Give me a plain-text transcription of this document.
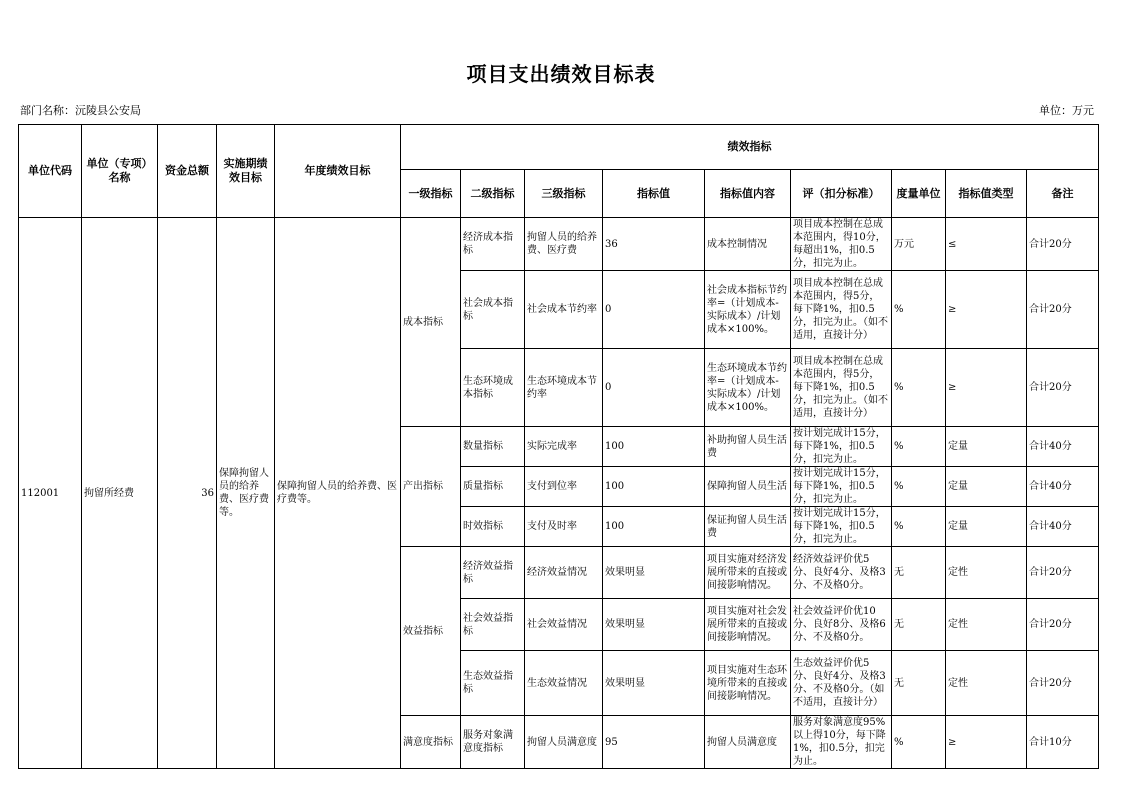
项目支出绩效目标表
部门名称：沅陵县公安局	单位：万元
单位代码	单位（专项）名称	资金总额	实施期绩效目标	年度绩效目标	绩效指标								
					一级指标	二级指标	三级指标	指标值	指标值内容	评（扣分标准）	度量单位	指标值类型	备注
112001	拘留所经费	36	保障拘留人员的给养费、医疗费等。	保障拘留人员的给养费、医疗费等。	成本指标	经济成本指标	拘留人员的给养费、医疗费	36	成本控制情况	项目成本控制在总成本范围内，得10分，每超出1%，扣0.5分，扣完为止。	万元	≤	合计20分
						社会成本指标	社会成本节约率	0	社会成本指标节约率=（计划成本-实际成本）/计划成本×100%。	项目成本控制在总成本范围内，得5分，每下降1%，扣0.5分，扣完为止。（如不适用，直接计分）	%	≥	合计20分
						生态环境成本指标	生态环境成本节约率	0	生态环境成本节约率=（计划成本-实际成本）/计划成本×100%。	项目成本控制在总成本范围内，得5分，每下降1%，扣0.5分，扣完为止。（如不适用，直接计分）	%	≥	合计20分
					产出指标	数量指标	实际完成率	100	补助拘留人员生活费	按计划完成计15分，每下降1%，扣0.5分，扣完为止。	%	定量	合计40分
						质量指标	支付到位率	100	保障拘留人员生活	按计划完成计15分，每下降1%，扣0.5分，扣完为止。	%	定量	合计40分
						时效指标	支付及时率	100	保证拘留人员生活费	按计划完成计15分，每下降1%，扣0.5分，扣完为止。	%	定量	合计40分
					效益指标	经济效益指标	经济效益情况	效果明显	项目实施对经济发展所带来的直接或间接影响情况。	经济效益评价优5分、良好4分、及格3分、不及格0分。	无	定性	合计20分
						社会效益指标	社会效益情况	效果明显	项目实施对社会发展所带来的直接或间接影响情况。	社会效益评价优10分、良好8分、及格6分、不及格0分。	无	定性	合计20分
						生态效益指标	生态效益情况	效果明显	项目实施对生态环境所带来的直接或间接影响情况。	生态效益评价优5分、良好4分、及格3分、不及格0分。（如不适用，直接计分）	无	定性	合计20分
					满意度指标	服务对象满意度指标	拘留人员满意度	95	拘留人员满意度	服务对象满意度95%以上得10分，每下降1%，扣0.5分，扣完为止。	%	≥	合计10分
